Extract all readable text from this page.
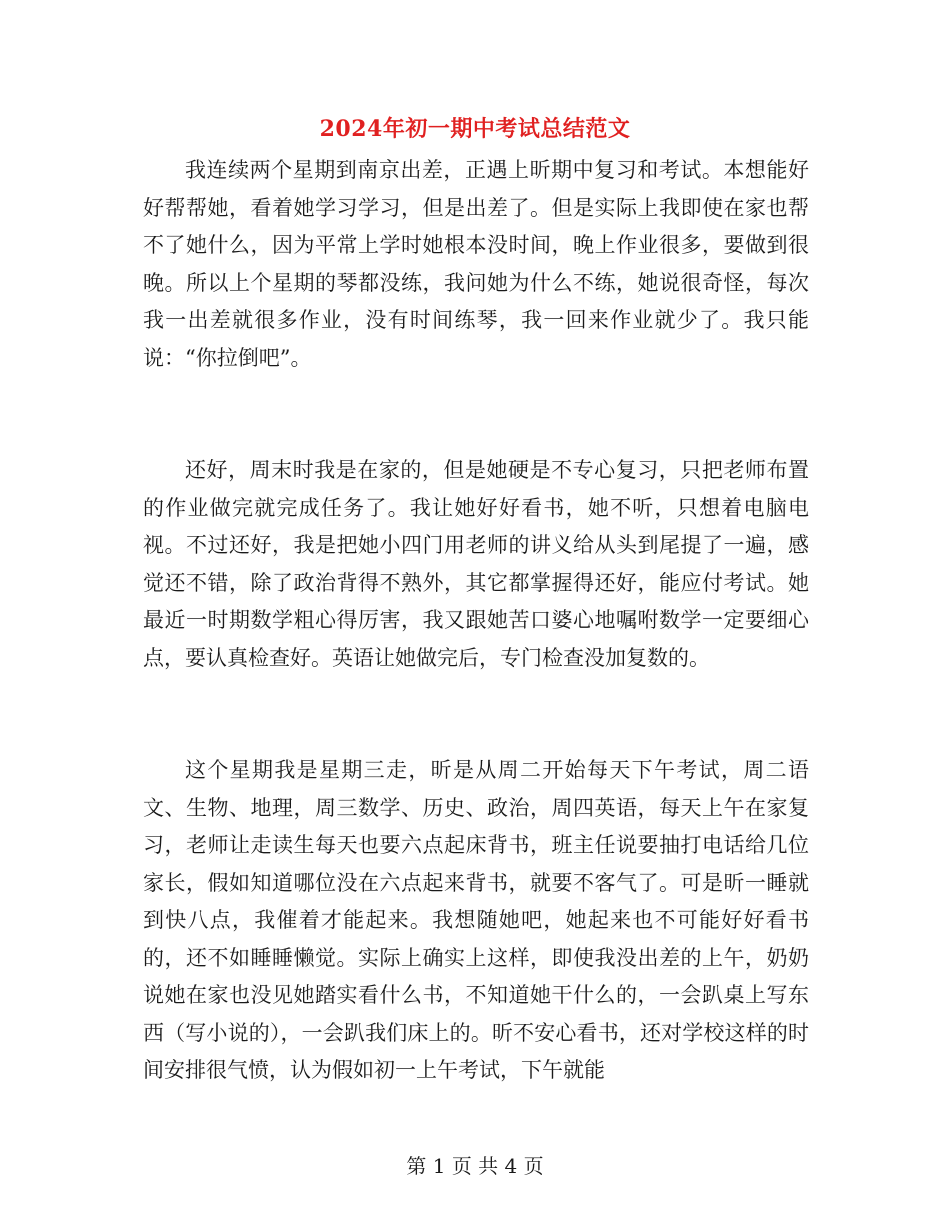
2024年初一期中考试总结范文

我连续两个星期到南京出差，正遇上昕期中复习和考试。本想能好好帮帮她，看着她学习学习，但是出差了。但是实际上我即使在家也帮不了她什么，因为平常上学时她根本没时间，晚上作业很多，要做到很晚。所以上个星期的琴都没练，我问她为什么不练，她说很奇怪，每次我一出差就很多作业，没有时间练琴，我一回来作业就少了。我只能说：“你拉倒吧”。

还好，周末时我是在家的，但是她硬是不专心复习，只把老师布置的作业做完就完成任务了。我让她好好看书，她不听，只想着电脑电视。不过还好，我是把她小四门用老师的讲义给从头到尾提了一遍，感觉还不错，除了政治背得不熟外，其它都掌握得还好，能应付考试。她最近一时期数学粗心得厉害，我又跟她苦口婆心地嘱咐数学一定要细心点，要认真检查好。英语让她做完后，专门检查没加复数的。

这个星期我是星期三走，昕是从周二开始每天下午考试，周二语文、生物、地理，周三数学、历史、政治，周四英语，每天上午在家复习，老师让走读生每天也要六点起床背书，班主任说要抽打电话给几位家长，假如知道哪位没在六点起来背书，就要不客气了。可是昕一睡就到快八点，我催着才能起来。我想随她吧，她起来也不可能好好看书的，还不如睡睡懒觉。实际上确实上这样，即使我没出差的上午，奶奶说她在家也没见她踏实看什么书，不知道她干什么的，一会趴桌上写东西（写小说的），一会趴我们床上的。昕不安心看书，还对学校这样的时间安排很气愤，认为假如初一上午考试，下午就能

第 1 页 共 4 页
